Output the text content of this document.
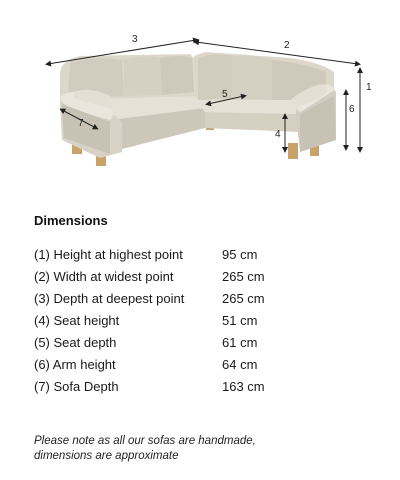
3
2
1
6
5
4
7
Dimensions
(1) Height at highest point	95 cm
(2) Width at widest point	265 cm
(3) Depth at deepest point	265 cm
(4) Seat height	51 cm
(5) Seat depth	61 cm
(6) Arm height	64 cm
(7) Sofa Depth	163 cm
Please note as all our sofas are handmade,
dimensions are approximate
